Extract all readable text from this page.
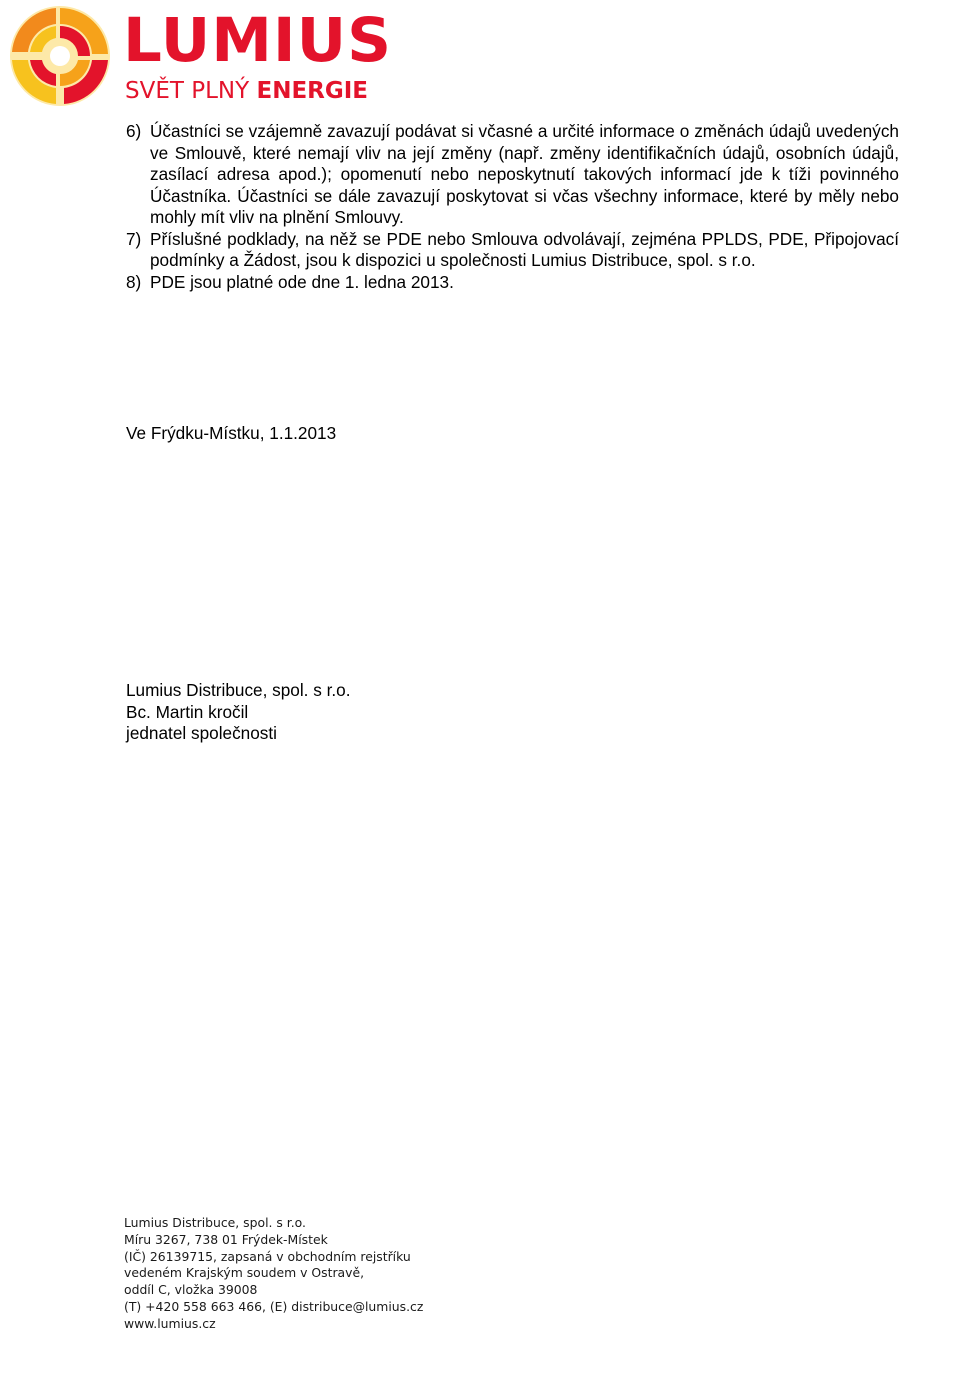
LUMIUS
SVĚT PLNÝ ENERGIE
6) Účastníci se vzájemně zavazují podávat si včasné a určité informace o změnách údajů uvedených ve Smlouvě, které nemají vliv na její změny (např. změny identifikačních údajů, osobních údajů, zasílací adresa apod.); opomenutí nebo neposkytnutí takových informací jde k tíži povinného Účastníka. Účastníci se dále zavazují poskytovat si včas všechny informace, které by měly nebo mohly mít vliv na plnění Smlouvy.
7) Příslušné podklady, na něž se PDE nebo Smlouva odvolávají, zejména PPLDS, PDE, Připojovací podmínky a Žádost, jsou k dispozici u společnosti Lumius Distribuce, spol. s r.o.
8) PDE jsou platné ode dne 1. ledna 2013.
Ve Frýdku-Místku, 1.1.2013
Lumius Distribuce, spol. s r.o.
Bc. Martin kročil
jednatel společnosti
Lumius Distribuce, spol. s r.o.
Míru 3267, 738 01 Frýdek-Místek
(IČ) 26139715, zapsaná v obchodním rejstříku
vedeném Krajským soudem v Ostravě,
oddíl C, vložka 39008
(T) +420 558 663 466, (E) distribuce@lumius.cz
www.lumius.cz
